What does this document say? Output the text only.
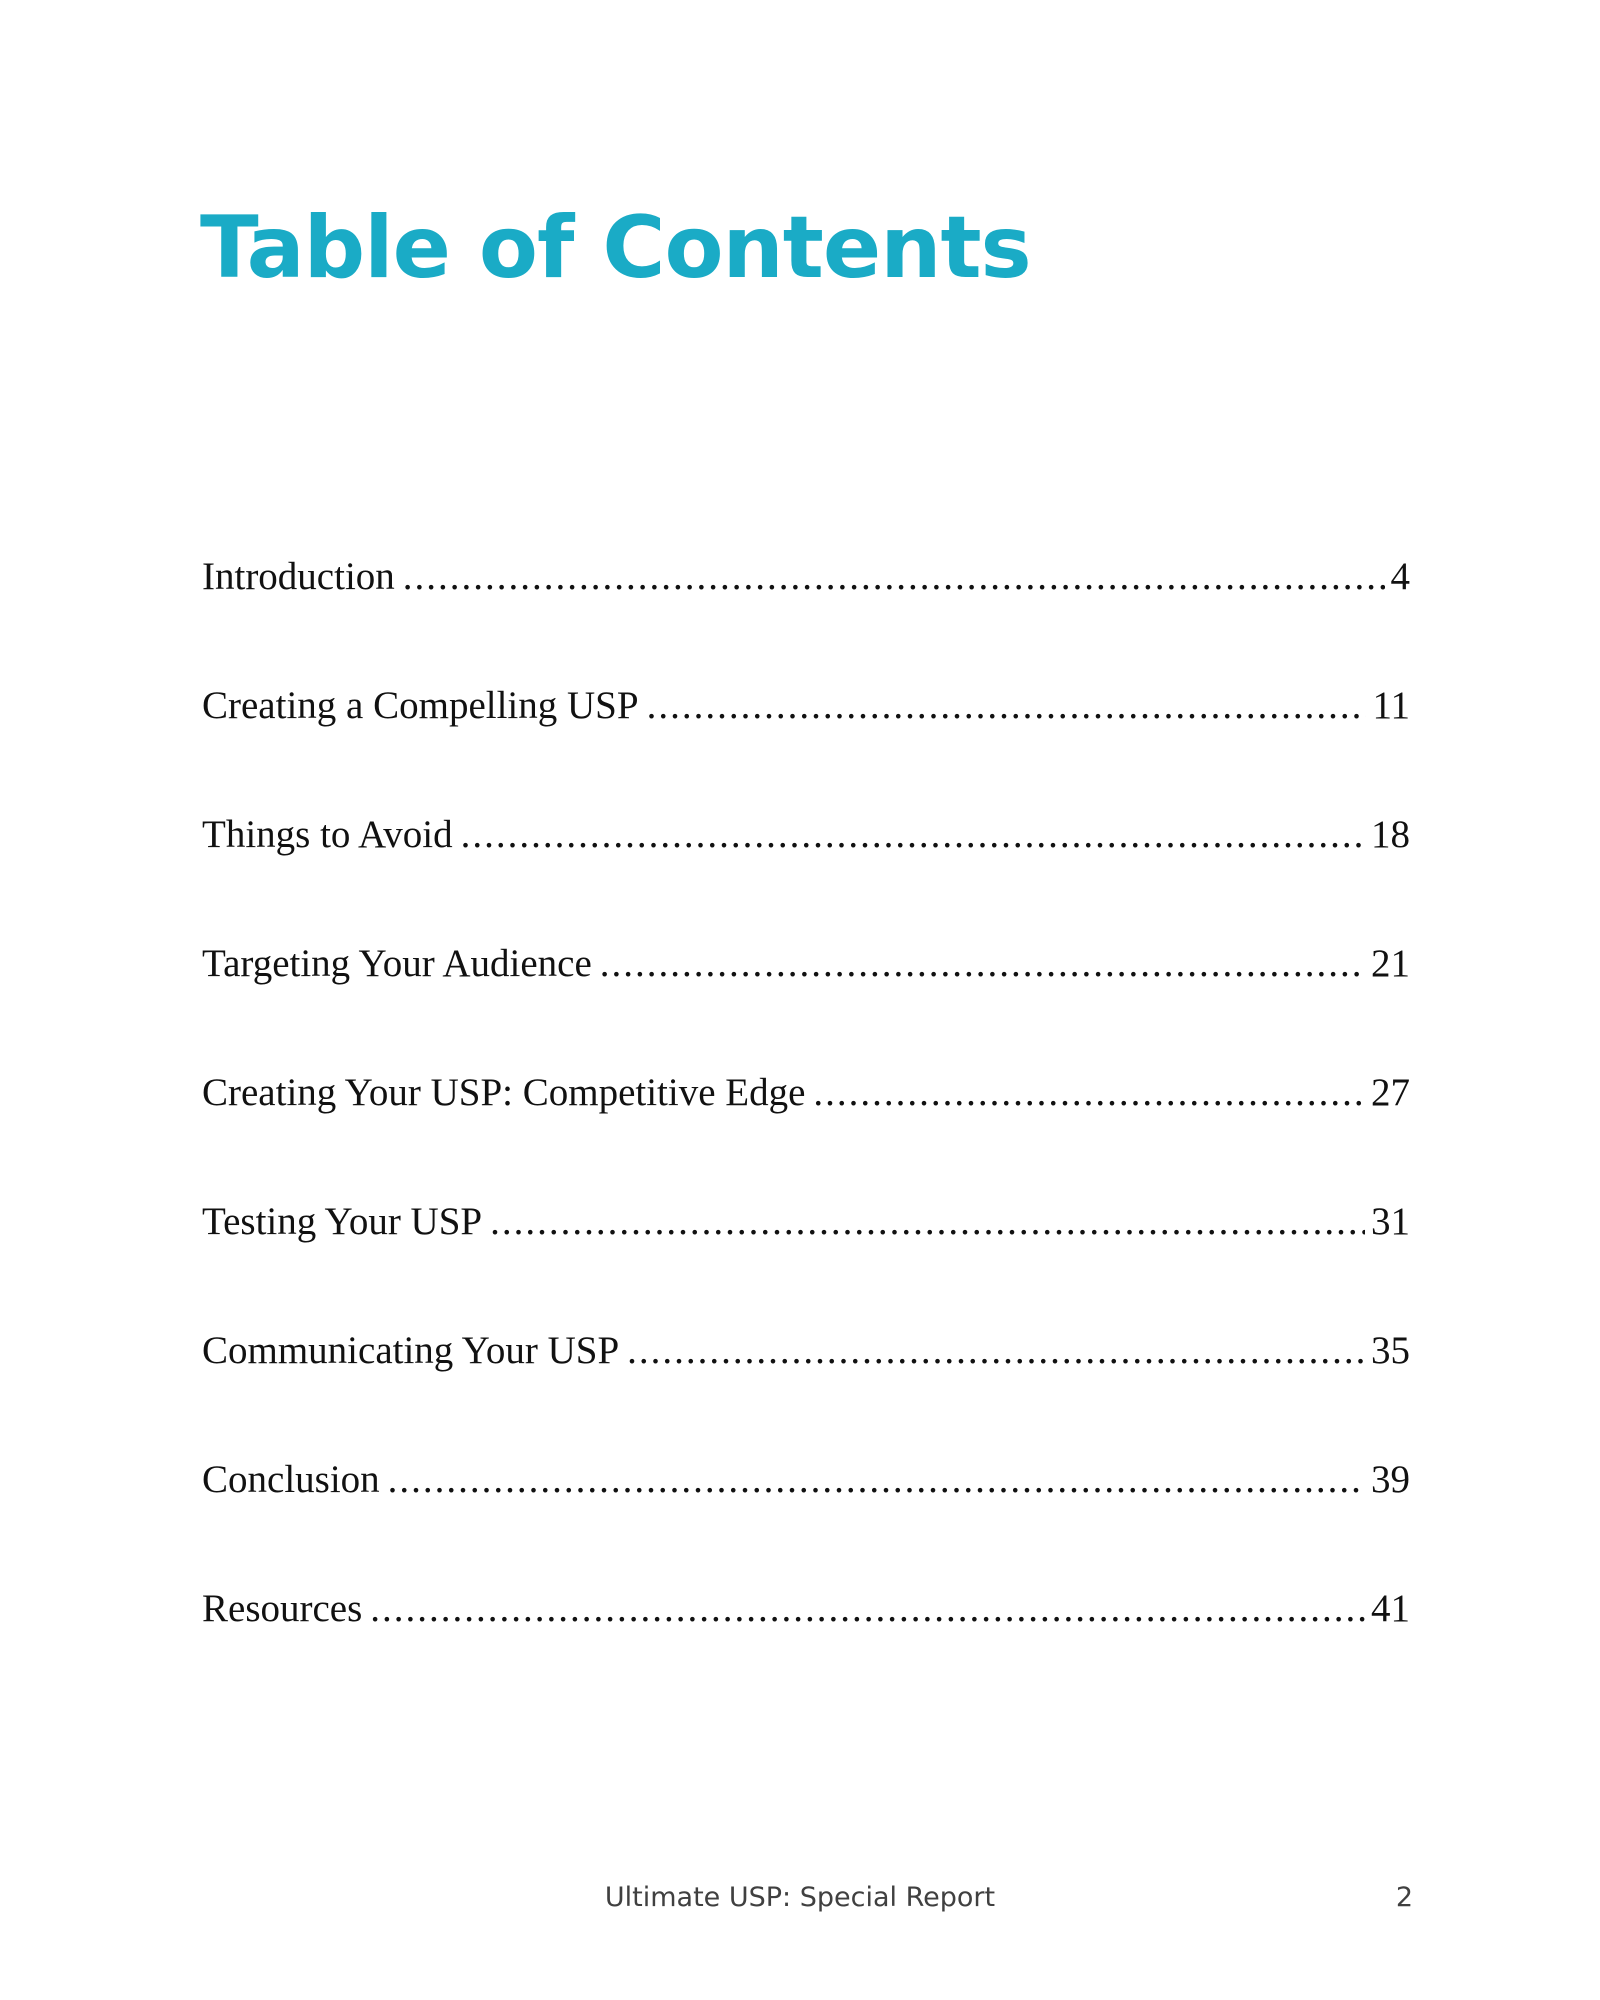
Table of Contents
Introduction .....	4
Creating a Compelling USP .....	11
Things to Avoid .....	18
Targeting Your Audience .....	21
Creating Your USP: Competitive Edge .....	27
Testing Your USP .....	31
Communicating Your USP .....	35
Conclusion .....	39
Resources .....	41
Ultimate USP: Special Report	2
